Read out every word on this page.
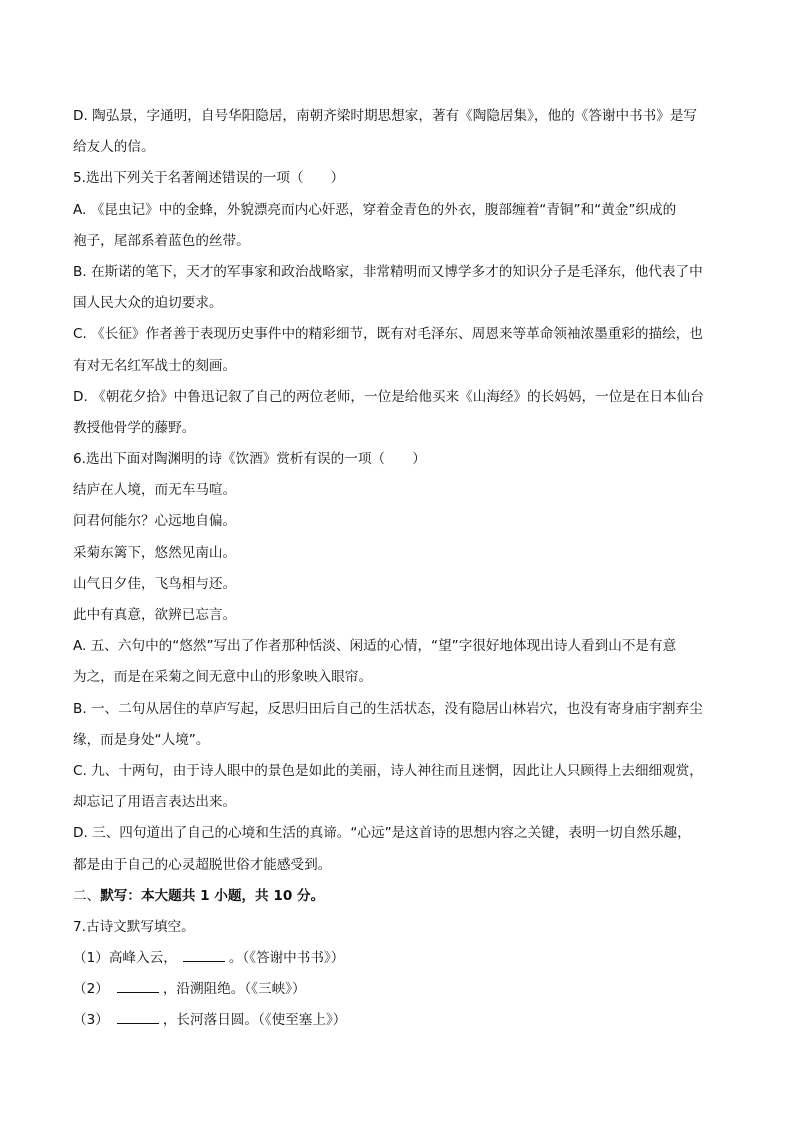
D. 陶弘景，字通明，自号华阳隐居，南朝齐梁时期思想家，著有《陶隐居集》，他的《答谢中书书》是写
给友人的信。
5.选出下列关于名著阐述错误的一项（　　）
A. 《昆虫记》中的金蜂，外貌漂亮而内心奸恶，穿着金青色的外衣，腹部缠着“青铜”和“黄金”织成的
袍子，尾部系着蓝色的丝带。
B. 在斯诺的笔下，天才的军事家和政治战略家，非常精明而又博学多才的知识分子是毛泽东，他代表了中
国人民大众的迫切要求。
C. 《长征》作者善于表现历史事件中的精彩细节，既有对毛泽东、周恩来等革命领袖浓墨重彩的描绘，也
有对无名红军战士的刻画。
D. 《朝花夕拾》中鲁迅记叙了自己的两位老师，一位是给他买来《山海经》的长妈妈，一位是在日本仙台
教授他骨学的藤野。
6.选出下面对陶渊明的诗《饮酒》赏析有误的一项（　　）
结庐在人境，而无车马喧。
问君何能尔？心远地自偏。
采菊东篱下，悠然见南山。
山气日夕佳，飞鸟相与还。
此中有真意，欲辨已忘言。
A. 五、六句中的“悠然”写出了作者那种恬淡、闲适的心情，“望”字很好地体现出诗人看到山不是有意
为之，而是在采菊之间无意中山的形象映入眼帘。
B. 一、二句从居住的草庐写起，反思归田后自己的生活状态，没有隐居山林岩穴，也没有寄身庙宇割弃尘
缘，而是身处“人境”。
C. 九、十两句，由于诗人眼中的景色是如此的美丽，诗人神往而且迷惘，因此让人只顾得上去细细观赏，
却忘记了用语言表达出来。
D. 三、四句道出了自己的心境和生活的真谛。“心远”是这首诗的思想内容之关键，表明一切自然乐趣，
都是由于自己的心灵超脱世俗才能感受到。
二、默写：本大题共 1 小题，共 10 分。
7.古诗文默写填空。
（1）高峰入云，	。（《答谢中书书》）
（2）	，沿溯阻绝。（《三峡》）
（3）	，长河落日圆。（《使至塞上》）
